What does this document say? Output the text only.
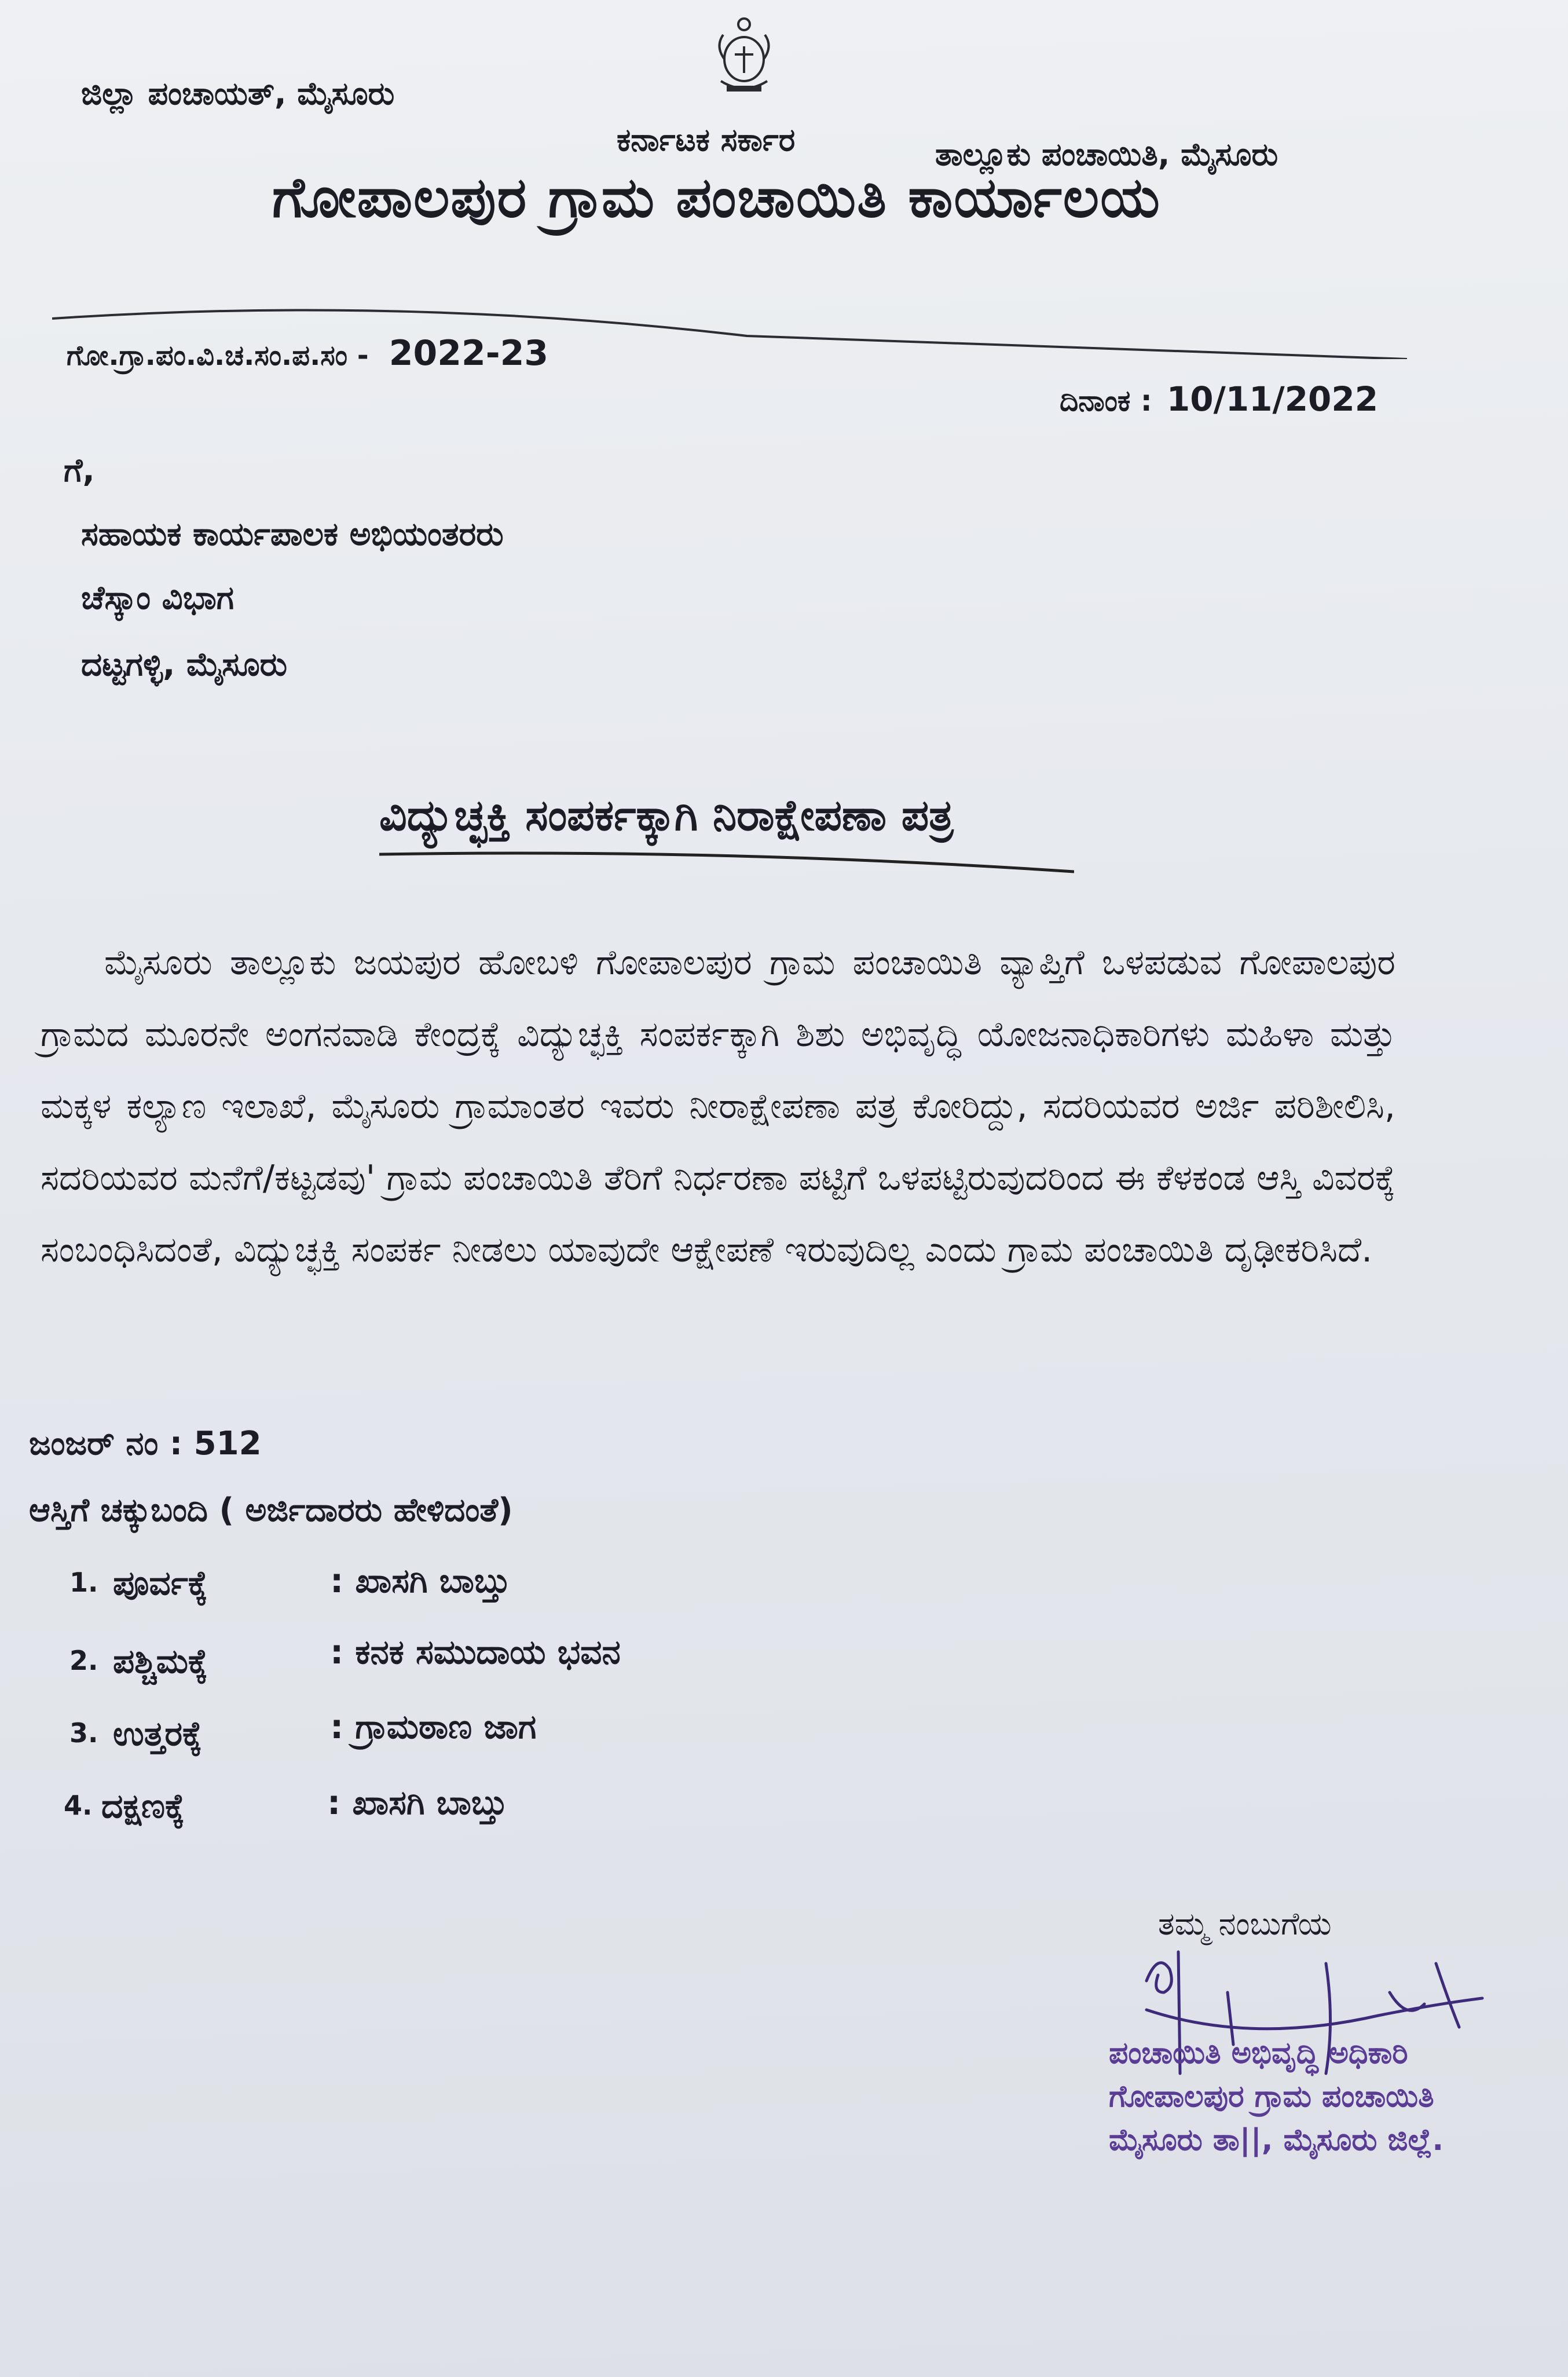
ಜಿಲ್ಲಾ ಪಂಚಾಯತ್, ಮೈಸೂರು
ಕರ್ನಾಟಕ ಸರ್ಕಾರ	ತಾಲ್ಲೂಕು ಪಂಚಾಯಿತಿ, ಮೈಸೂರು
ಗೋಪಾಲಪುರ ಗ್ರಾಮ ಪಂಚಾಯಿತಿ ಕಾರ್ಯಾಲಯ
ಗೋ.ಗ್ರಾ.ಪಂ.ವಿ.ಚ.ಸಂ.ಪ.ಸಂ - 2022-23
ದಿನಾಂಕ : 10/11/2022
ಗೆ,
ಸಹಾಯಕ ಕಾರ್ಯಪಾಲಕ ಅಭಿಯಂತರರು
ಚೆಸ್ಕಾಂ ವಿಭಾಗ
ದಟ್ಟಗಳ್ಳಿ, ಮೈಸೂರು
ವಿದ್ಯುಚ್ಛಕ್ತಿ ಸಂಪರ್ಕಕ್ಕಾಗಿ ನಿರಾಕ್ಷೇಪಣಾ ಪತ್ರ
ಮೈಸೂರು ತಾಲ್ಲೂಕು ಜಯಪುರ ಹೋಬಳಿ ಗೋಪಾಲಪುರ ಗ್ರಾಮ ಪಂಚಾಯಿತಿ ವ್ಯಾಪ್ತಿಗೆ ಒಳಪಡುವ ಗೋಪಾಲಪುರ ಗ್ರಾಮದ ಮೂರನೇ ಅಂಗನವಾಡಿ ಕೇಂದ್ರಕ್ಕೆ ವಿದ್ಯುಚ್ಛಕ್ತಿ ಸಂಪರ್ಕಕ್ಕಾಗಿ ಶಿಶು ಅಭಿವೃದ್ಧಿ ಯೋಜನಾಧಿಕಾರಿಗಳು ಮಹಿಳಾ ಮತ್ತು ಮಕ್ಕಳ ಕಲ್ಯಾಣ ಇಲಾಖೆ, ಮೈಸೂರು ಗ್ರಾಮಾಂತರ ಇವರು ನೀರಾಕ್ಷೇಪಣಾ ಪತ್ರ ಕೋರಿದ್ದು, ಸದರಿಯವರ ಅರ್ಜಿ ಪರಿಶೀಲಿಸಿ, ಸದರಿಯವರ ಮನೆಗೆ/ಕಟ್ಟಡವು' ಗ್ರಾಮ ಪಂಚಾಯಿತಿ ತೆರಿಗೆ ನಿರ್ಧರಣಾ ಪಟ್ಟಿಗೆ ಒಳಪಟ್ಟಿರುವುದರಿಂದ ಈ ಕೆಳಕಂಡ ಆಸ್ತಿ ವಿವರಕ್ಕೆ ಸಂಬಂಧಿಸಿದಂತೆ, ವಿದ್ಯುಚ್ಛಕ್ತಿ ಸಂಪರ್ಕ ನೀಡಲು ಯಾವುದೇ ಆಕ್ಷೇಪಣೆ ಇರುವುದಿಲ್ಲ ಎಂದು ಗ್ರಾಮ ಪಂಚಾಯಿತಿ ದೃಢೀಕರಿಸಿದೆ.
ಜಂಜರ್ ನಂ : 512
ಆಸ್ತಿಗೆ ಚಕ್ಕುಬಂದಿ ( ಅರ್ಜಿದಾರರು ಹೇಳಿದಂತೆ)
1. ಪೂರ್ವಕ್ಕೆ	: ಖಾಸಗಿ ಬಾಬ್ತು
2. ಪಶ್ಚಿಮಕ್ಕೆ	: ಕನಕ ಸಮುದಾಯ ಭವನ
3. ಉತ್ತರಕ್ಕೆ	: ಗ್ರಾಮಠಾಣ ಜಾಗ
4. ದಕ್ಷಣಕ್ಕೆ	: ಖಾಸಗಿ ಬಾಬ್ತು
ತಮ್ಮ ನಂಬುಗೆಯ
ಪಂಚಾಯಿತಿ ಅಭಿವೃದ್ಧಿ ಅಧಿಕಾರಿ
ಗೋಪಾಲಪುರ ಗ್ರಾಮ ಪಂಚಾಯಿತಿ
ಮೈಸೂರು ತಾ||, ಮೈಸೂರು ಜಿಲ್ಲೆ.
